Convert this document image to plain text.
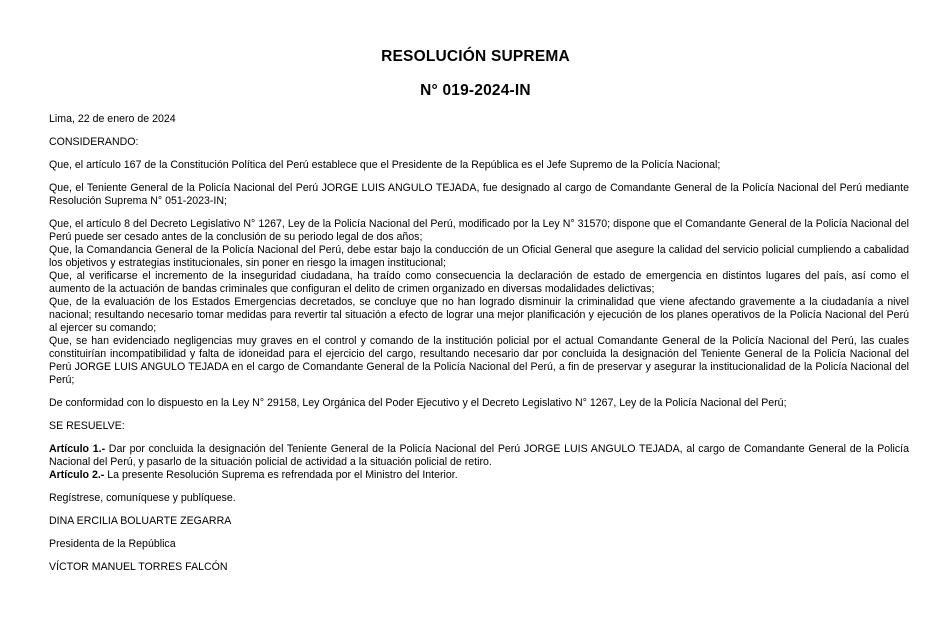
RESOLUCIÓN SUPREMA
N° 019-2024-IN

Lima, 22 de enero de 2024

CONSIDERANDO:

Que, el artículo 167 de la Constitución Política del Perú establece que el Presidente de la República es el Jefe Supremo de la Policía Nacional;

Que, el Teniente General de la Policía Nacional del Perú JORGE LUIS ANGULO TEJADA, fue designado al cargo de Comandante General de la Policía Nacional del Perú mediante Resolución Suprema N° 051-2023-IN;

Que, el artículo 8 del Decreto Legislativo N° 1267, Ley de la Policía Nacional del Perú, modificado por la Ley N° 31570; dispone que el Comandante General de la Policía Nacional del Perú puede ser cesado antes de la conclusión de su periodo legal de dos años;

Que, la Comandancia General de la Policía Nacional del Perú, debe estar bajo la conducción de un Oficial General que asegure la calidad del servicio policial cumpliendo a cabalidad los objetivos y estrategias institucionales, sin poner en riesgo la imagen institucional;

Que, al verificarse el incremento de la inseguridad ciudadana, ha traído como consecuencia la declaración de estado de emergencia en distintos lugares del país, así como el aumento de la actuación de bandas criminales que configuran el delito de crimen organizado en diversas modalidades delictivas;

Que, de la evaluación de los Estados Emergencias decretados, se concluye que no han logrado disminuir la criminalidad que viene afectando gravemente a la ciudadanía a nivel nacional; resultando necesario tomar medidas para revertir tal situación a efecto de lograr una mejor planificación y ejecución de los planes operativos de la Policía Nacional del Perú al ejercer su comando;

Que, se han evidenciado negligencias muy graves en el control y comando de la institución policial por el actual Comandante General de la Policía Nacional del Perú, las cuales constituirían incompatibilidad y falta de idoneidad para el ejercicio del cargo, resultando necesario dar por concluida la designación del Teniente General de la Policía Nacional del Perú JORGE LUIS ANGULO TEJADA en el cargo de Comandante General de la Policía Nacional del Perú, a fin de preservar y asegurar la institucionalidad de la Policía Nacional del Perú;

De conformidad con lo dispuesto en la Ley N° 29158, Ley Orgánica del Poder Ejecutivo y el Decreto Legislativo N° 1267, Ley de la Policía Nacional del Perú;

SE RESUELVE:

Artículo 1.- Dar por concluida la designación del Teniente General de la Policía Nacional del Perú JORGE LUIS ANGULO TEJADA, al cargo de Comandante General de la Policía Nacional del Perú, y pasarlo de la situación policial de actividad a la situación policial de retiro.

Artículo 2.- La presente Resolución Suprema es refrendada por el Ministro del Interior.

Regístrese, comuníquese y publíquese.

DINA ERCILIA BOLUARTE ZEGARRA

Presidenta de la República

VÍCTOR MANUEL TORRES FALCÓN
